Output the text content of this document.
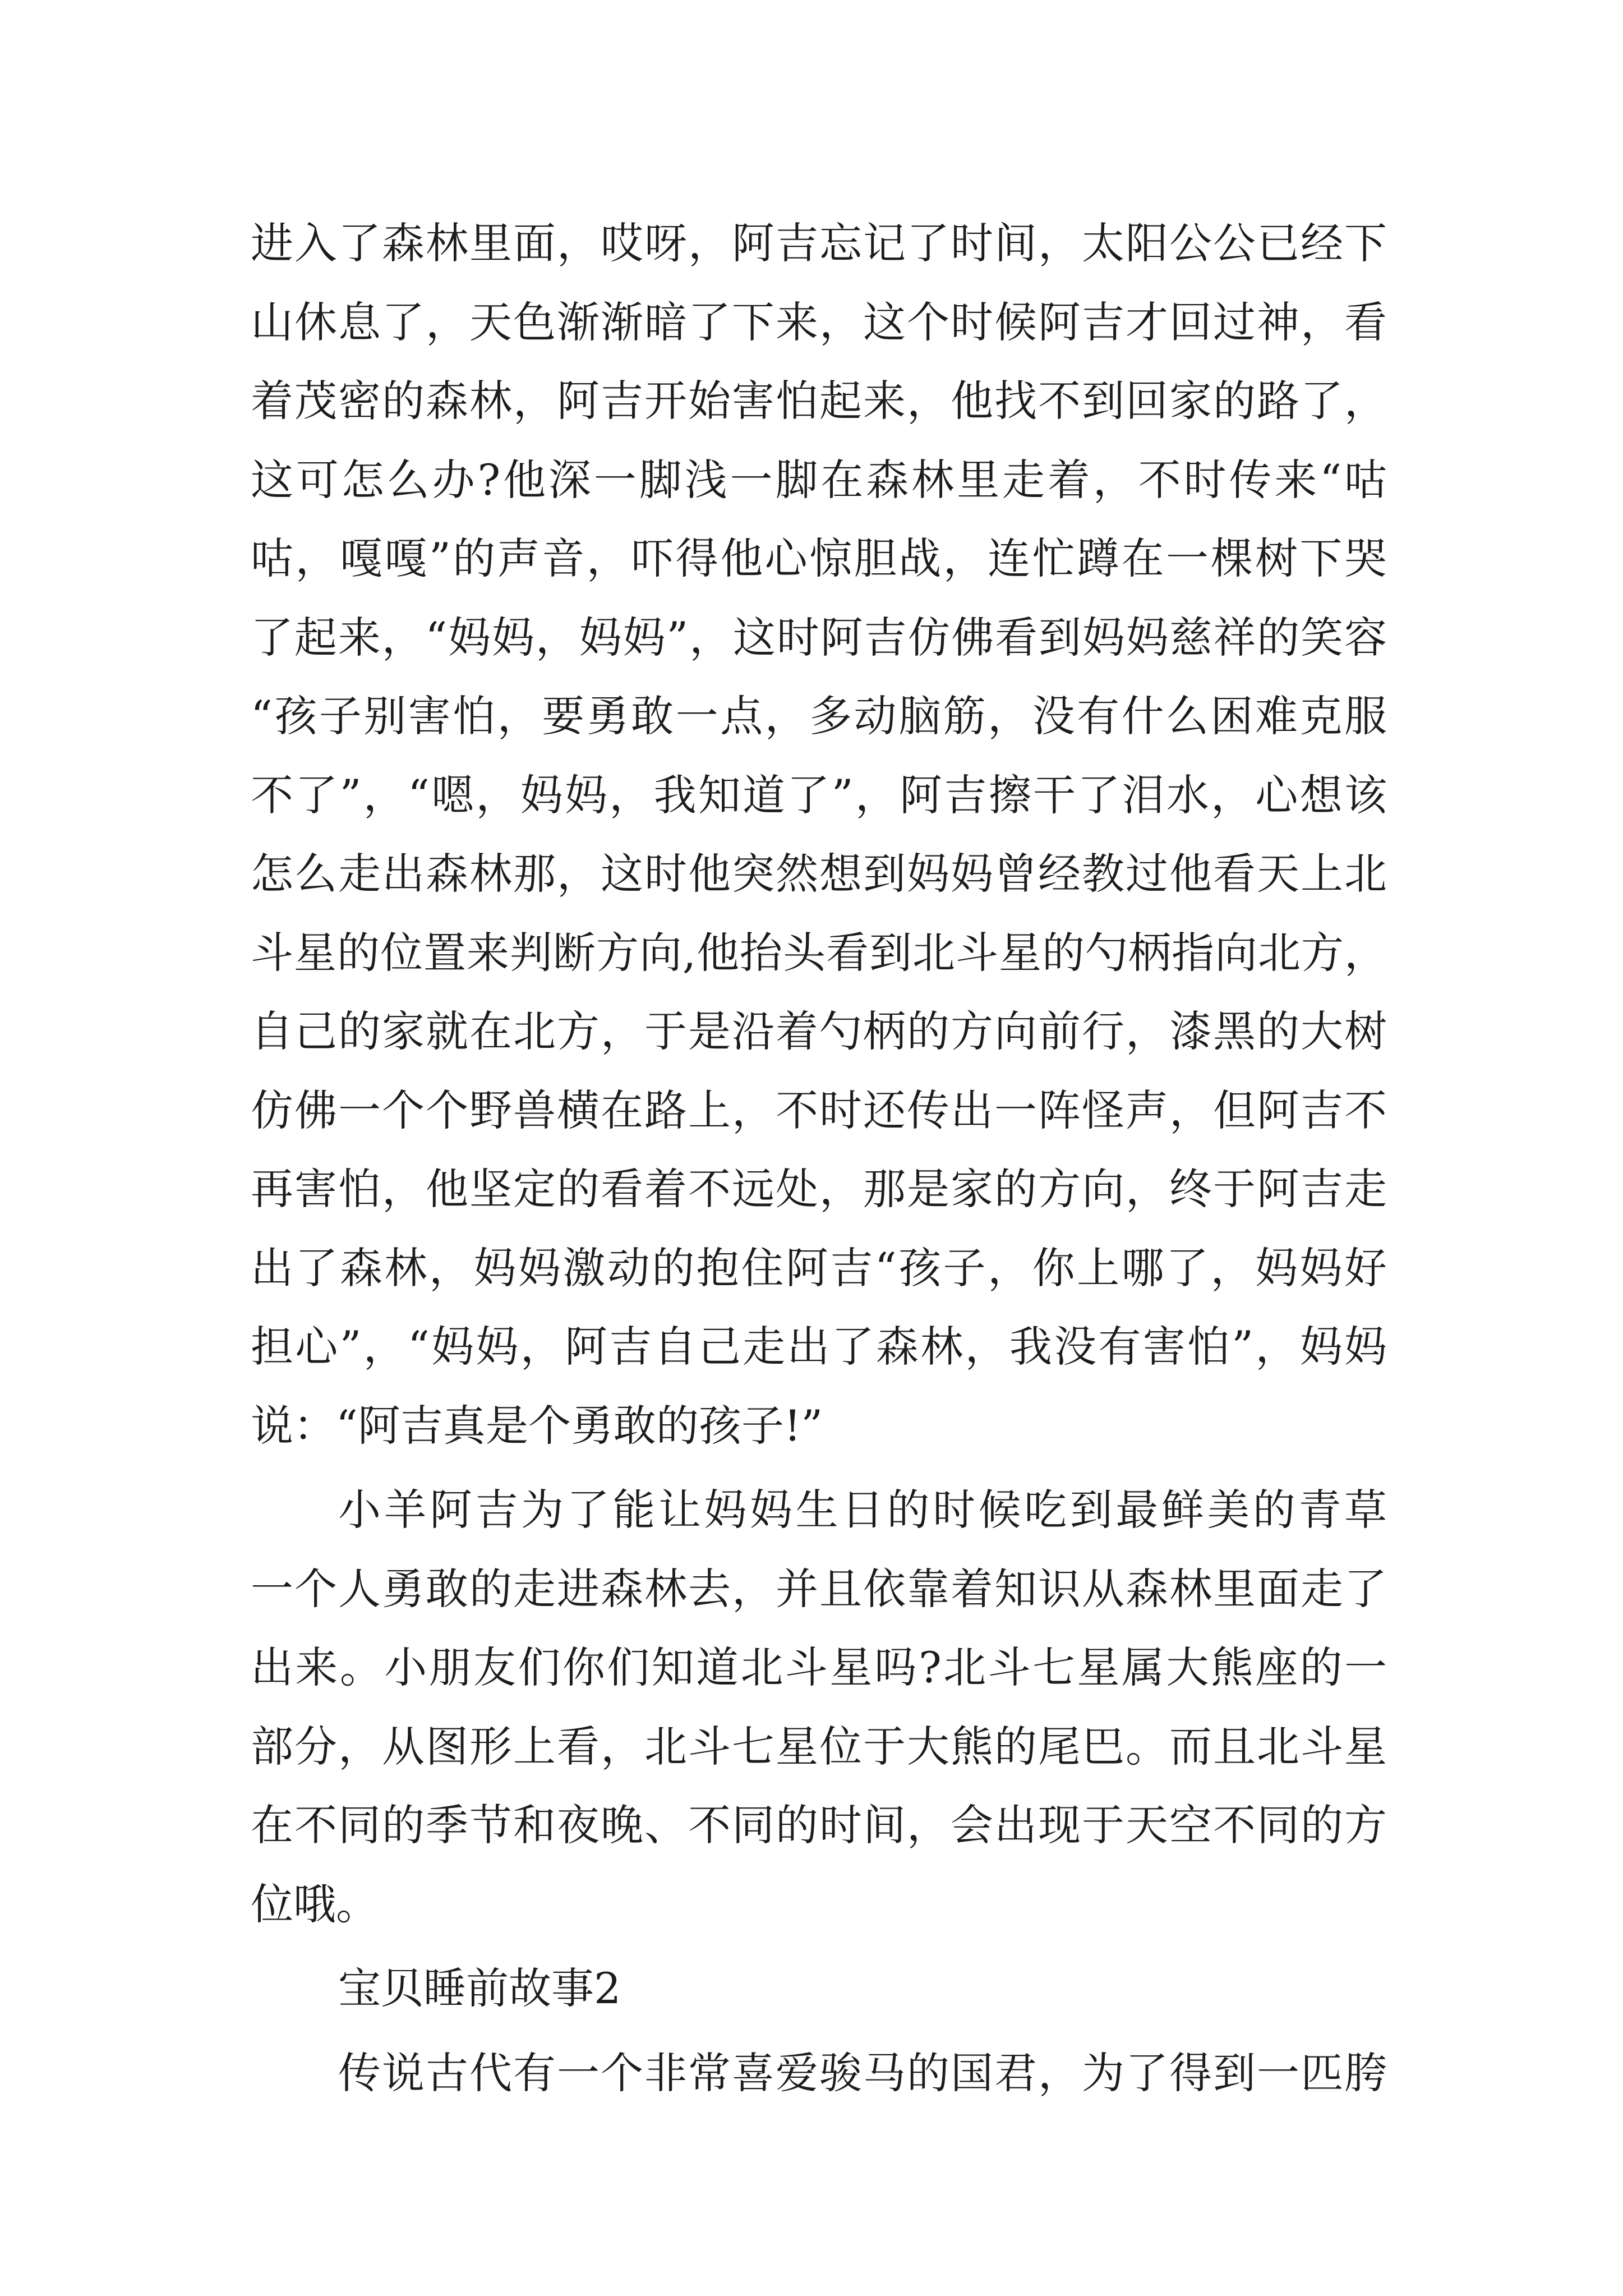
进入了森林里面，哎呀，阿吉忘记了时间，太阳公公已经下
山休息了，天色渐渐暗了下来，这个时候阿吉才回过神，看
着茂密的森林，阿吉开始害怕起来，他找不到回家的路了，
这可怎么办?他深一脚浅一脚在森林里走着，不时传来“咕
咕，嘎嘎”的声音，吓得他心惊胆战，连忙蹲在一棵树下哭
了起来，“妈妈，妈妈”，这时阿吉仿佛看到妈妈慈祥的笑容
“孩子别害怕，要勇敢一点，多动脑筋，没有什么困难克服
不了”，“嗯，妈妈，我知道了”，阿吉擦干了泪水，心想该
怎么走出森林那，这时他突然想到妈妈曾经教过他看天上北
斗星的位置来判断方向,他抬头看到北斗星的勺柄指向北方，
自己的家就在北方，于是沿着勺柄的方向前行，漆黑的大树
仿佛一个个野兽横在路上，不时还传出一阵怪声，但阿吉不
再害怕，他坚定的看着不远处，那是家的方向，终于阿吉走
出了森林，妈妈激动的抱住阿吉“孩子，你上哪了，妈妈好
担心”，“妈妈，阿吉自己走出了森林，我没有害怕”，妈妈
说：“阿吉真是个勇敢的孩子!”
小羊阿吉为了能让妈妈生日的时候吃到最鲜美的青草
一个人勇敢的走进森林去，并且依靠着知识从森林里面走了
出来。小朋友们你们知道北斗星吗?北斗七星属大熊座的一
部分，从图形上看，北斗七星位于大熊的尾巴。而且北斗星
在不同的季节和夜晚、不同的时间，会出现于天空不同的方
位哦。
宝贝睡前故事2
传说古代有一个非常喜爱骏马的国君，为了得到一匹胯
